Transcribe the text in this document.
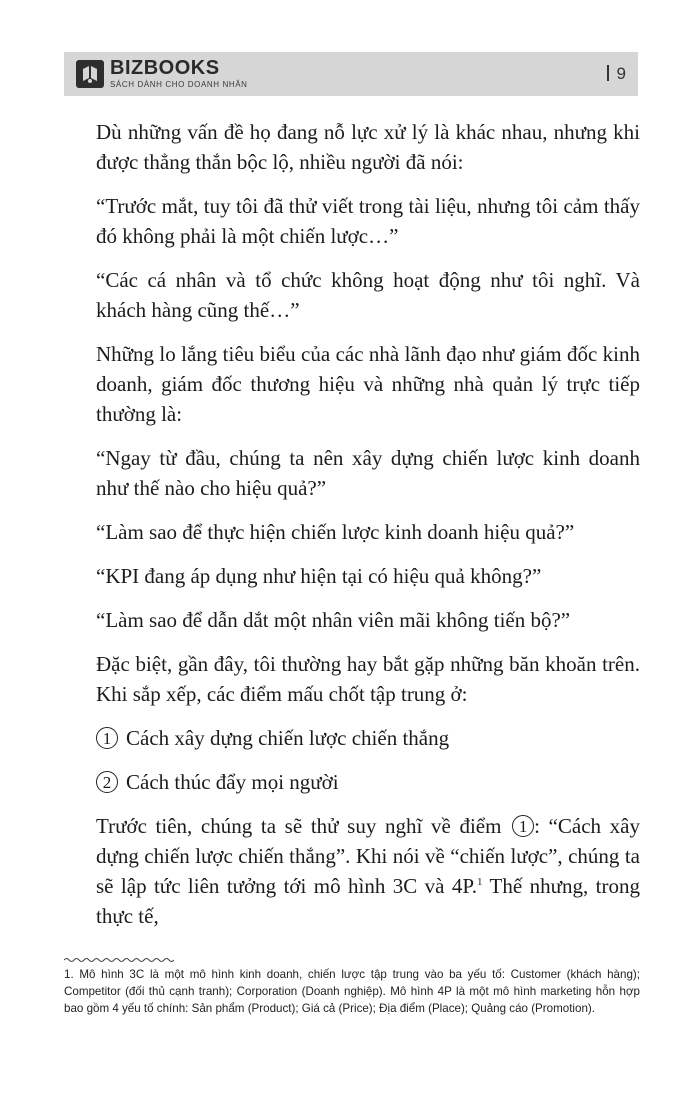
BIZBOOKS
SÁCH DÀNH CHO DOANH NHÂN
9

Dù những vấn đề họ đang nỗ lực xử lý là khác nhau, nhưng khi được thẳng thắn bộc lộ, nhiều người đã nói:

“Trước mắt, tuy tôi đã thử viết trong tài liệu, nhưng tôi cảm thấy đó không phải là một chiến lược…”

“Các cá nhân và tổ chức không hoạt động như tôi nghĩ. Và khách hàng cũng thế…”

Những lo lắng tiêu biểu của các nhà lãnh đạo như giám đốc kinh doanh, giám đốc thương hiệu và những nhà quản lý trực tiếp thường là:

“Ngay từ đầu, chúng ta nên xây dựng chiến lược kinh doanh như thế nào cho hiệu quả?”

“Làm sao để thực hiện chiến lược kinh doanh hiệu quả?”

“KPI đang áp dụng như hiện tại có hiệu quả không?”

“Làm sao để dẫn dắt một nhân viên mãi không tiến bộ?”

Đặc biệt, gần đây, tôi thường hay bắt gặp những băn khoăn trên. Khi sắp xếp, các điểm mấu chốt tập trung ở:

1 Cách xây dựng chiến lược chiến thắng

2 Cách thúc đẩy mọi người

Trước tiên, chúng ta sẽ thử suy nghĩ về điểm 1 : “Cách xây dựng chiến lược chiến thắng”. Khi nói về “chiến lược”, chúng ta sẽ lập tức liên tưởng tới mô hình 3C và 4P.$^1$ Thế nhưng, trong thực tế,

1. Mô hình 3C là một mô hình kinh doanh, chiến lược tập trung vào ba yếu tố: Customer (khách hàng); Competitor (đối thủ cạnh tranh); Corporation (Doanh nghiệp). Mô hình 4P là một mô hình marketing hỗn hợp bao gồm 4 yếu tố chính: Sản phẩm (Product); Giá cả (Price); Địa điểm (Place); Quảng cáo (Promotion).
